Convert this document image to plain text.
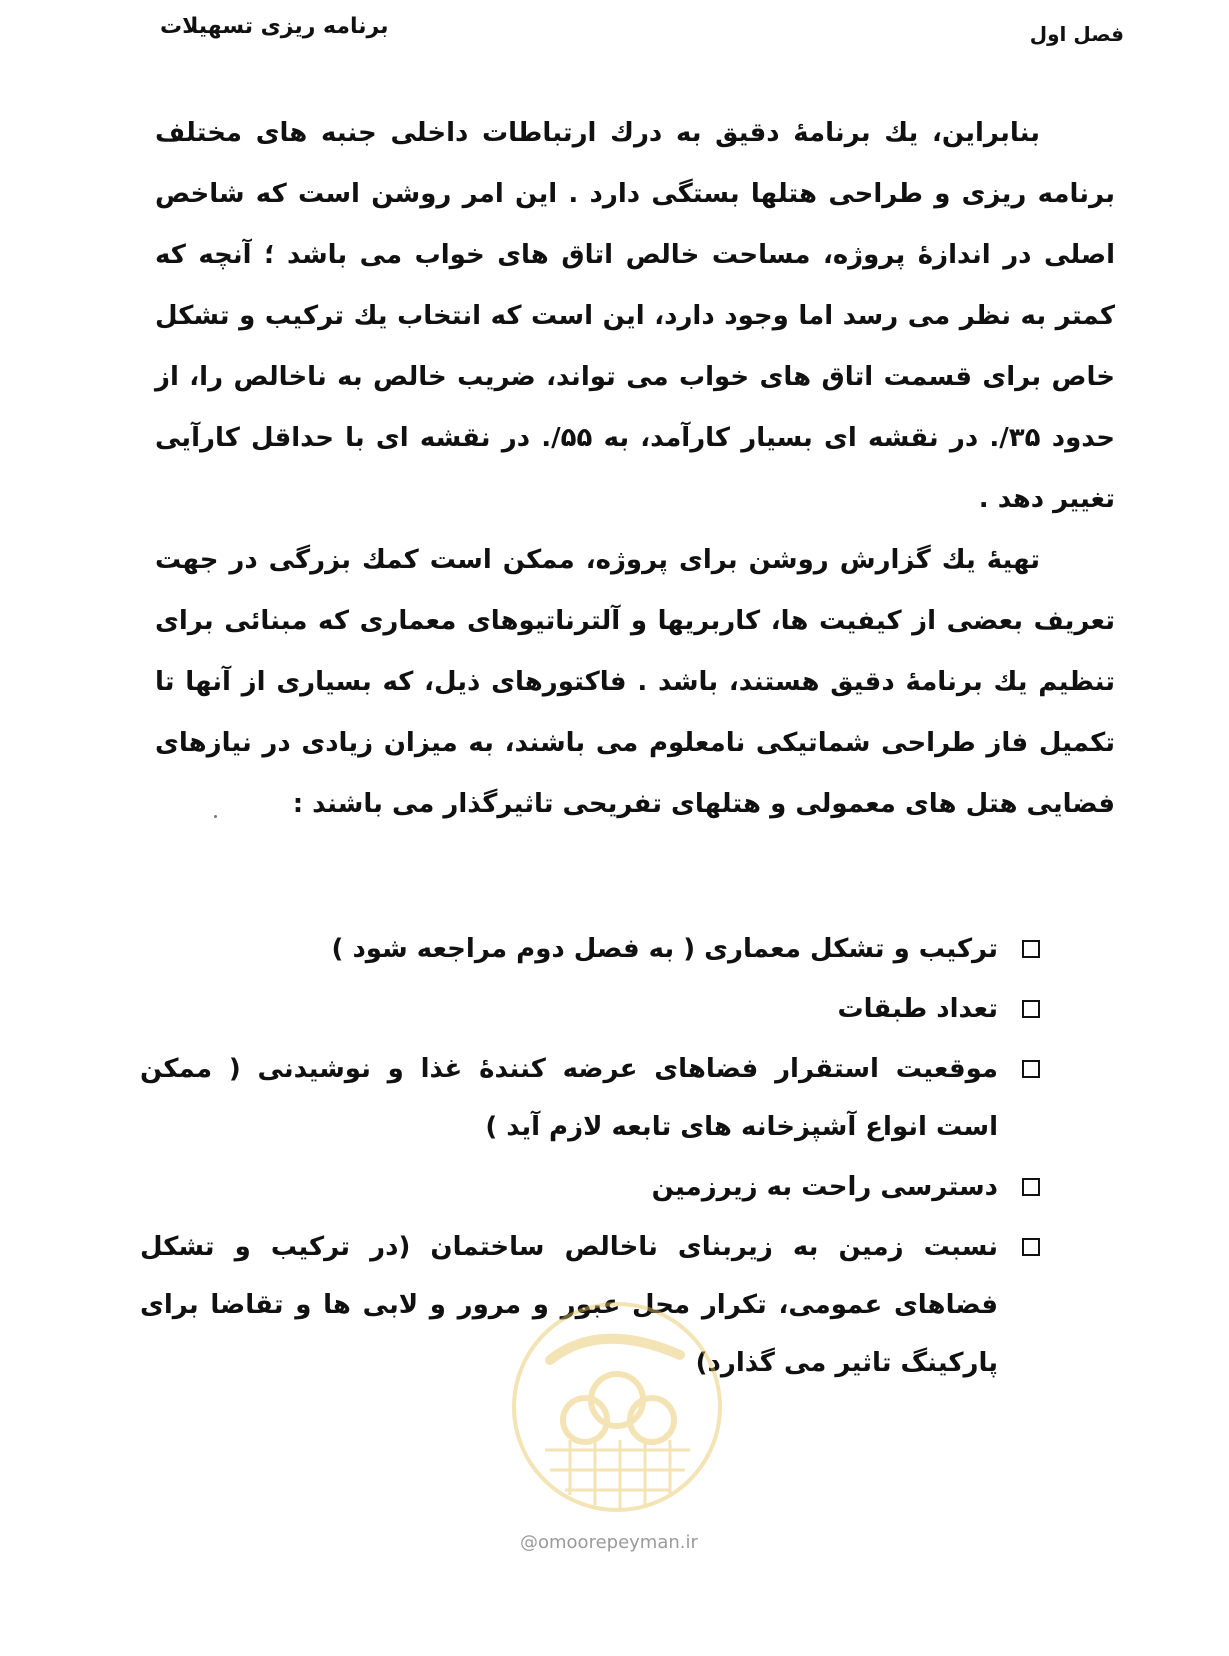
برنامه ریزی تسهیلات	فصل اول

بنابراین، یك برنامهٔ دقیق به درك ارتباطات داخلی جنبه های مختلف برنامه ریزی و طراحی هتلها بستگی دارد . این امر روشن است که شاخص اصلی در اندازهٔ پروژه، مساحت خالص اتاق های خواب می باشد ؛ آنچه که کمتر به نظر می رسد اما وجود دارد، این است که انتخاب یك ترکیب و تشکل خاص برای قسمت اتاق های خواب می تواند، ضریب خالص به ناخالص را، از حدود ۳۵/. در نقشه ای بسیار کارآمد، به ۵۵/. در نقشه ای با حداقل کارآیی تغییر دهد .

تهیهٔ یك گزارش روشن برای پروژه، ممکن است کمك بزرگی در جهت تعریف بعضی از کیفیت ها، کاربریها و آلترناتیوهای معماری که مبنائی برای تنظیم یك برنامهٔ دقیق هستند، باشد . فاکتورهای ذیل، که بسیاری از آنها تا تکمیل فاز طراحی شماتیکی نامعلوم می باشند، به میزان زیادی در نیازهای فضایی هتل های معمولی و هتلهای تفریحی تاثیرگذار می باشند :

ترکیب و تشکل معماری ( به فصل دوم مراجعه شود )
تعداد طبقات
موقعیت استقرار فضاهای عرضه کنندهٔ غذا و نوشیدنی ( ممکن است انواع آشپزخانه های تابعه لازم آید )
دسترسی راحت به زیرزمین
نسبت زمین به زیربنای ناخالص ساختمان (در ترکیب و تشکل فضاهای عمومی، تکرار محل عبور و مرور و لابی ها و تقاضا برای پارکینگ تاثیر می گذارد)
@omoorepeyman.ir
